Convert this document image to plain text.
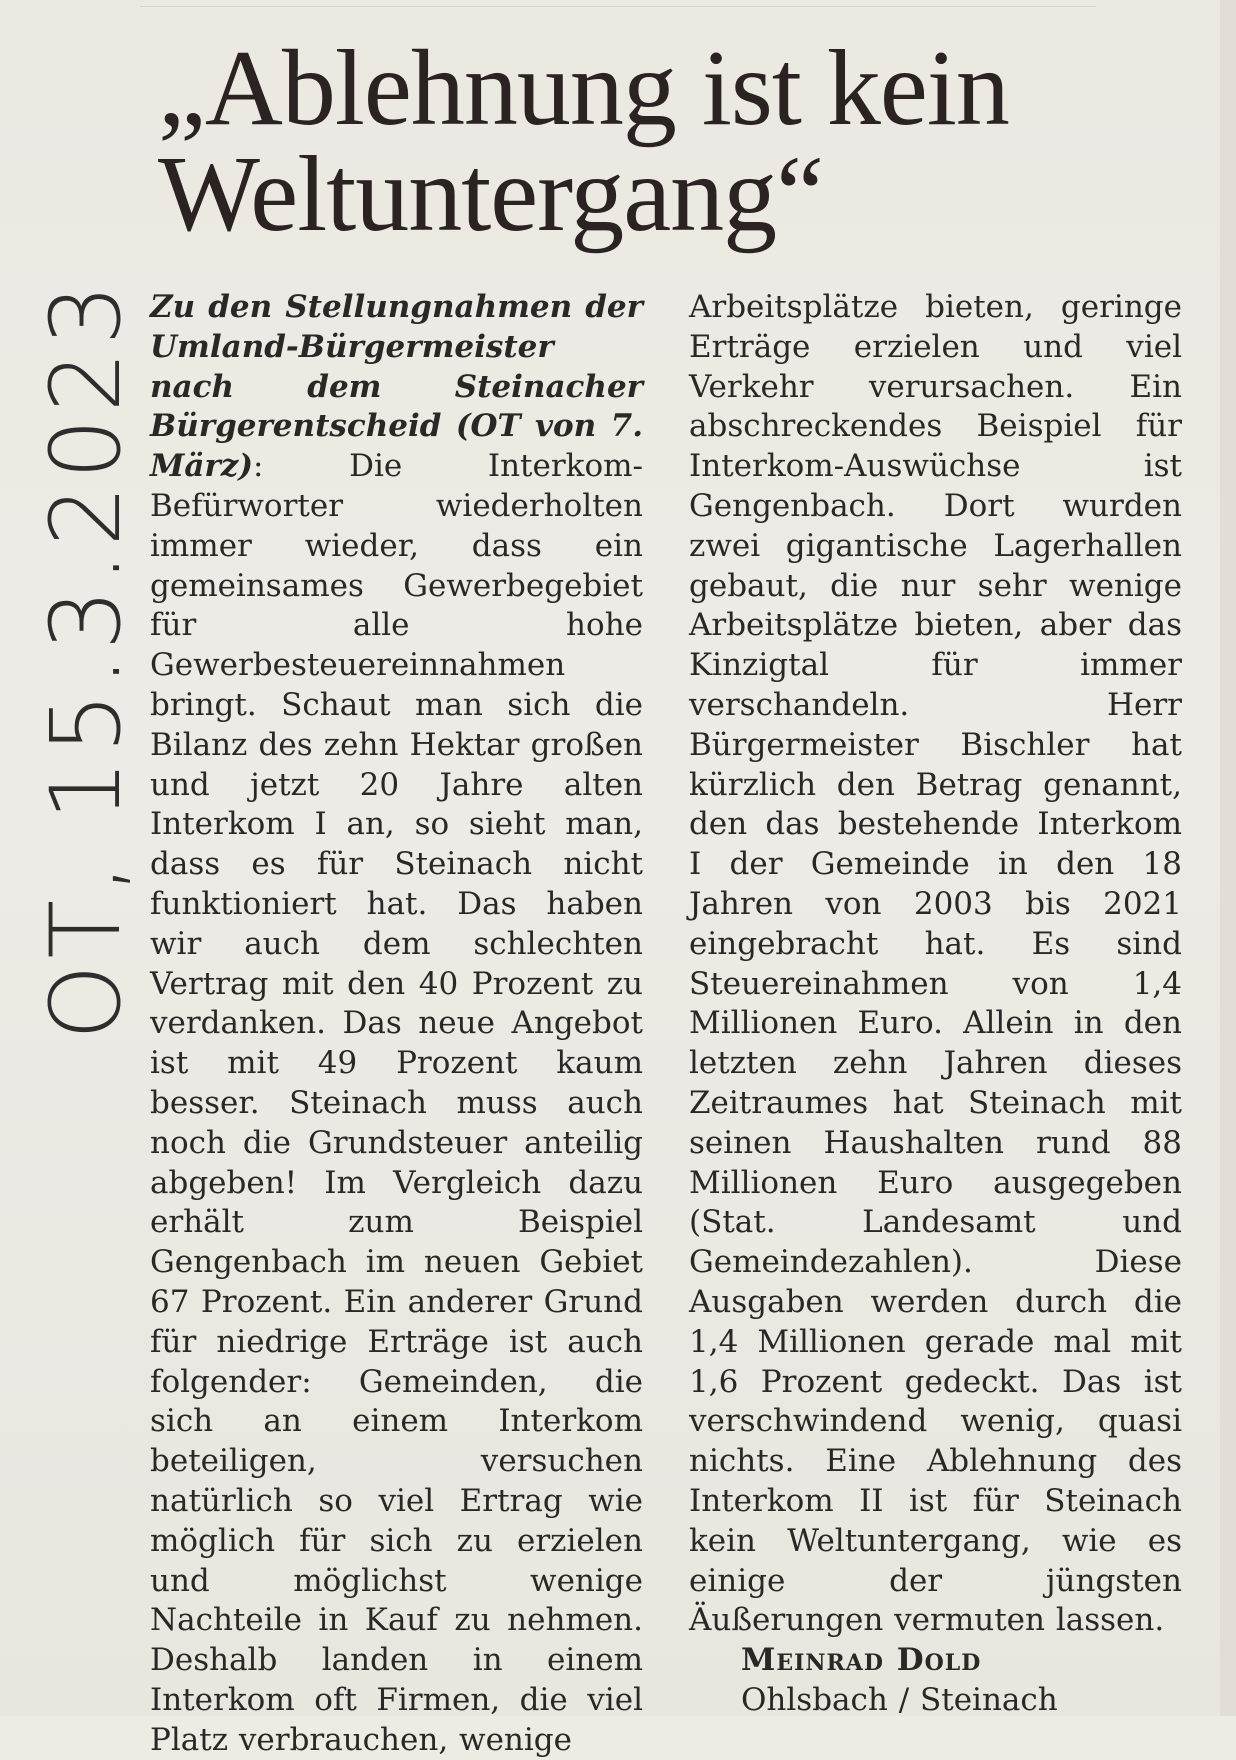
„Ablehnung ist kein
Weltuntergang“
OT, 15.3.2023 Zu den Stellungnahmen der Umland-Bürgermeister nach dem Steinacher Bürgerentscheid (OT von 7. März): Die Interkom-Befürworter wiederholten immer wieder, dass ein gemeinsames Gewerbegebiet für alle hohe Gewerbesteuereinnahmen bringt. Schaut man sich die Bilanz des zehn Hektar großen und jetzt 20 Jahre alten Interkom I an, so sieht man, dass es für Steinach nicht funktioniert hat. Das haben wir auch dem schlechten Vertrag mit den 40 Prozent zu verdanken. Das neue Angebot ist mit 49 Prozent kaum besser. Steinach muss auch noch die Grundsteuer anteilig abgeben! Im Vergleich dazu erhält zum Beispiel Gengenbach im neuen Gebiet 67 Prozent. Ein anderer Grund für niedrige Erträge ist auch folgender: Gemeinden, die sich an einem Interkom beteiligen, versuchen natürlich so viel Ertrag wie möglich für sich zu erzielen und möglichst wenige Nachteile in Kauf zu nehmen. Deshalb landen in einem Interkom oft Firmen, die viel Platz verbrauchen, wenige

Arbeitsplätze bieten, geringe Erträge erzielen und viel Verkehr verursachen. Ein abschreckendes Beispiel für Interkom-Auswüchse ist Gengenbach. Dort wurden zwei gigantische Lagerhallen gebaut, die nur sehr wenige Arbeitsplätze bieten, aber das Kinzigtal für immer verschandeln. Herr Bürgermeister Bischler hat kürzlich den Betrag genannt, den das bestehende Interkom I der Gemeinde in den 18 Jahren von 2003 bis 2021 eingebracht hat. Es sind Steuereinahmen von 1,4 Millionen Euro. Allein in den letzten zehn Jahren dieses Zeitraumes hat Steinach mit seinen Haushalten rund 88 Millionen Euro ausgegeben (Stat. Landesamt und Gemeindezahlen). Diese Ausgaben werden durch die 1,4 Millionen gerade mal mit 1,6 Prozent gedeckt. Das ist verschwindend wenig, quasi nichts. Eine Ablehnung des Interkom II ist für Steinach kein Weltuntergang, wie es einige der jüngsten Äußerungen vermuten lassen.

Meinrad Dold

Ohlsbach / Steinach
